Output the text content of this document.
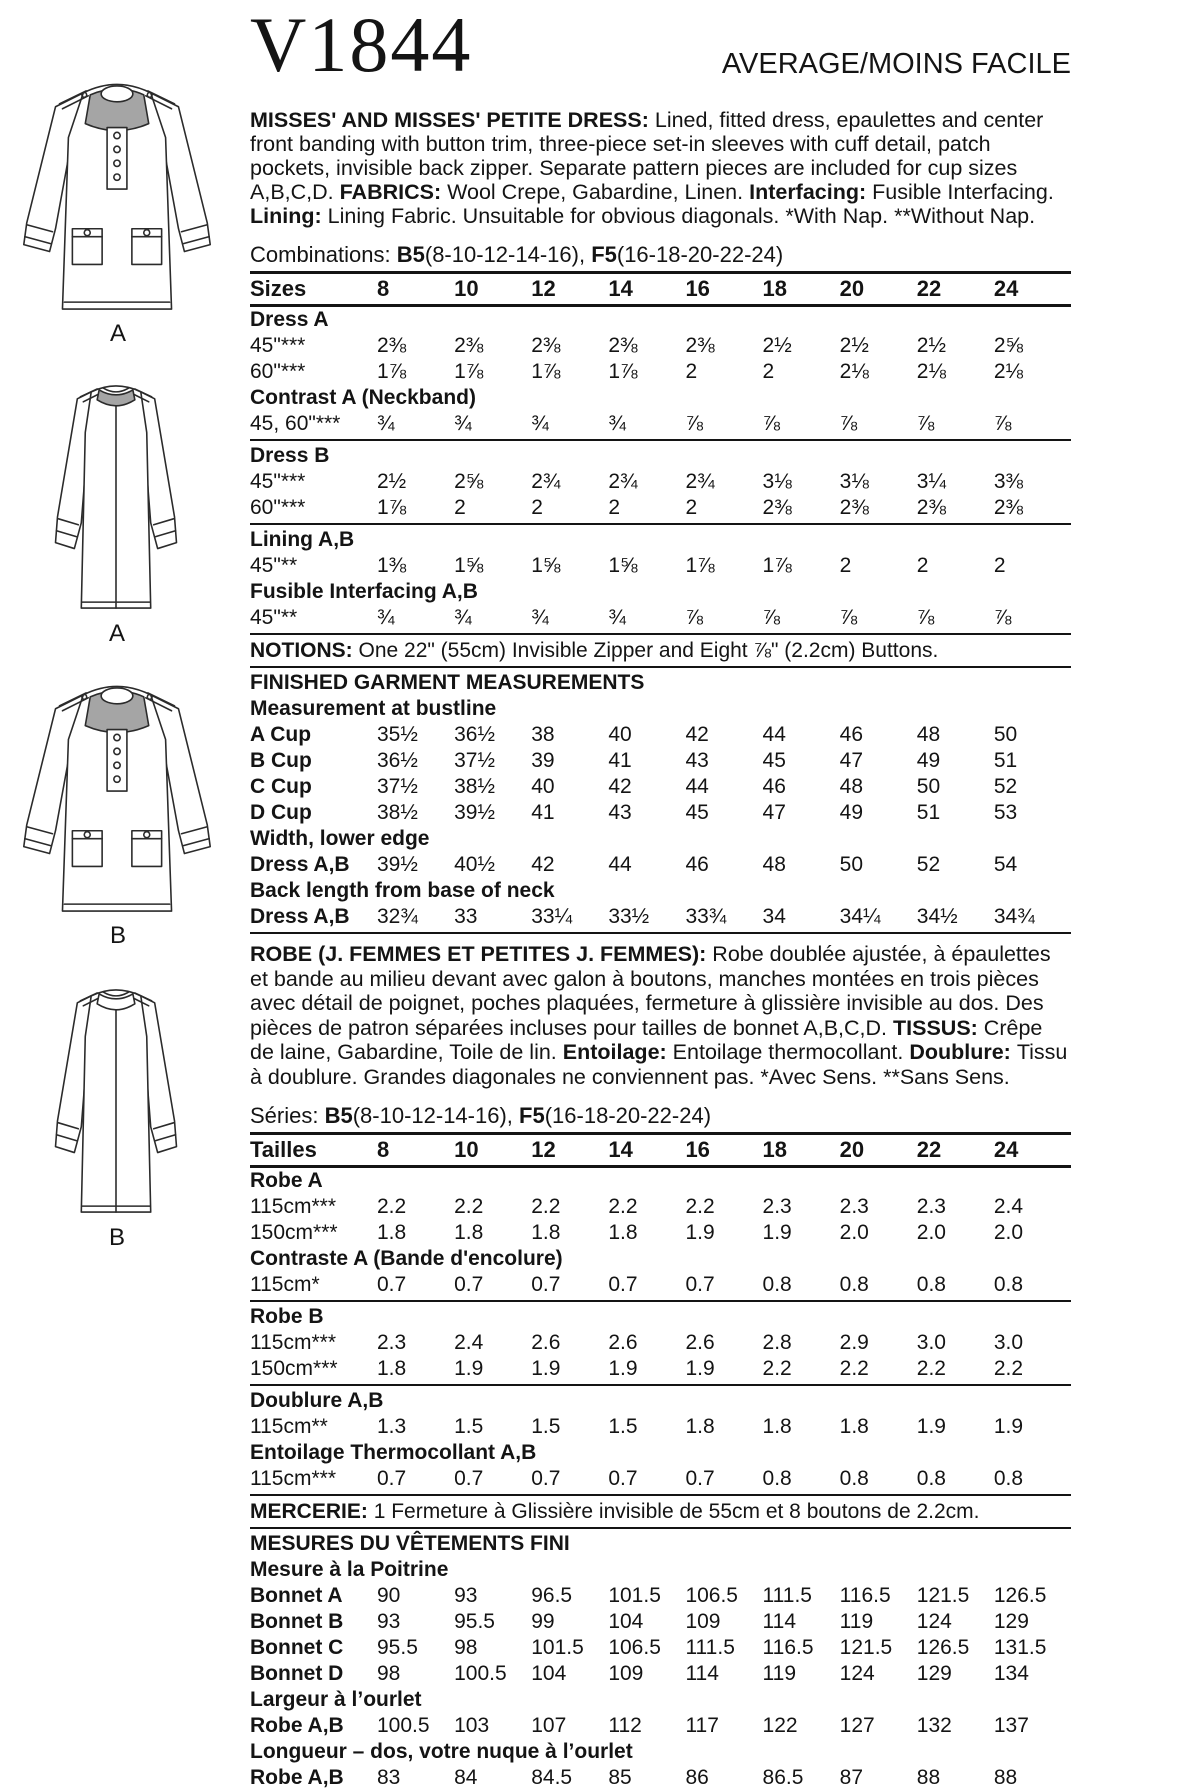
A
A
B
B
V1844	AVERAGE/MOINS FACILE
MISSES' AND MISSES' PETITE DRESS: Lined, fitted dress, epaulettes and center front banding with button trim, three-piece set-in sleeves with cuff detail, patch pockets, invisible back zipper. Separate pattern pieces are included for cup sizes A,B,C,D. FABRICS: Wool Crepe, Gabardine, Linen. Interfacing: Fusible Interfacing. Lining: Lining Fabric. Unsuitable for obvious diagonals. *With Nap. **Without Nap.
Combinations: B5(8-10-12-14-16), F5(16-18-20-22-24)
Sizes	8	10	12	14	16	18	20	22	24
Dress A
45"***	2⅜	2⅜	2⅜	2⅜	2⅜	2½	2½	2½	2⅝
60"***	1⅞	1⅞	1⅞	1⅞	2	2	2⅛	2⅛	2⅛
Contrast A (Neckband)
45, 60"***	¾	¾	¾	¾	⅞	⅞	⅞	⅞	⅞
Dress B
45"***	2½	2⅝	2¾	2¾	2¾	3⅛	3⅛	3¼	3⅜
60"***	1⅞	2	2	2	2	2⅜	2⅜	2⅜	2⅜
Lining A,B
45"**	1⅜	1⅝	1⅝	1⅝	1⅞	1⅞	2	2	2
Fusible Interfacing A,B
45"**	¾	¾	¾	¾	⅞	⅞	⅞	⅞	⅞
NOTIONS: One 22" (55cm) Invisible Zipper and Eight ⅞" (2.2cm) Buttons.
FINISHED GARMENT MEASUREMENTS
Measurement at bustline
A Cup	35½	36½	38	40	42	44	46	48	50
B Cup	36½	37½	39	41	43	45	47	49	51
C Cup	37½	38½	40	42	44	46	48	50	52
D Cup	38½	39½	41	43	45	47	49	51	53
Width, lower edge
Dress A,B	39½	40½	42	44	46	48	50	52	54
Back length from base of neck
Dress A,B	32¾	33	33¼	33½	33¾	34	34¼	34½	34¾
ROBE (J. FEMMES ET PETITES J. FEMMES): Robe doublée ajustée, à épaulettes et bande au milieu devant avec galon à boutons, manches montées en trois pièces avec détail de poignet, poches plaquées, fermeture à glissière invisible au dos. Des pièces de patron séparées incluses pour tailles de bonnet A,B,C,D. TISSUS: Crêpe de laine, Gabardine, Toile de lin. Entoilage: Entoilage thermocollant. Doublure: Tissu à doublure. Grandes diagonales ne conviennent pas. *Avec Sens. **Sans Sens.
Séries: B5(8-10-12-14-16), F5(16-18-20-22-24)
Tailles	8	10	12	14	16	18	20	22	24
Robe A
115cm***	2.2	2.2	2.2	2.2	2.2	2.3	2.3	2.3	2.4
150cm***	1.8	1.8	1.8	1.8	1.9	1.9	2.0	2.0	2.0
Contraste A (Bande d'encolure)
115cm*	0.7	0.7	0.7	0.7	0.7	0.8	0.8	0.8	0.8
Robe B
115cm***	2.3	2.4	2.6	2.6	2.6	2.8	2.9	3.0	3.0
150cm***	1.8	1.9	1.9	1.9	1.9	2.2	2.2	2.2	2.2
Doublure A,B
115cm**	1.3	1.5	1.5	1.5	1.8	1.8	1.8	1.9	1.9
Entoilage Thermocollant A,B
115cm***	0.7	0.7	0.7	0.7	0.7	0.8	0.8	0.8	0.8
MERCERIE: 1 Fermeture à Glissière invisible de 55cm et 8 boutons de 2.2cm.
MESURES DU VÊTEMENTS FINI
Mesure à la Poitrine
Bonnet A	90	93	96.5	101.5	106.5	111.5	116.5	121.5	126.5
Bonnet B	93	95.5	99	104	109	114	119	124	129
Bonnet C	95.5	98	101.5	106.5	111.5	116.5	121.5	126.5	131.5
Bonnet D	98	100.5	104	109	114	119	124	129	134
Largeur à l’ourlet
Robe A,B	100.5	103	107	112	117	122	127	132	137
Longueur – dos, votre nuque à l’ourlet
Robe A,B	83	84	84.5	85	86	86.5	87	88	88
